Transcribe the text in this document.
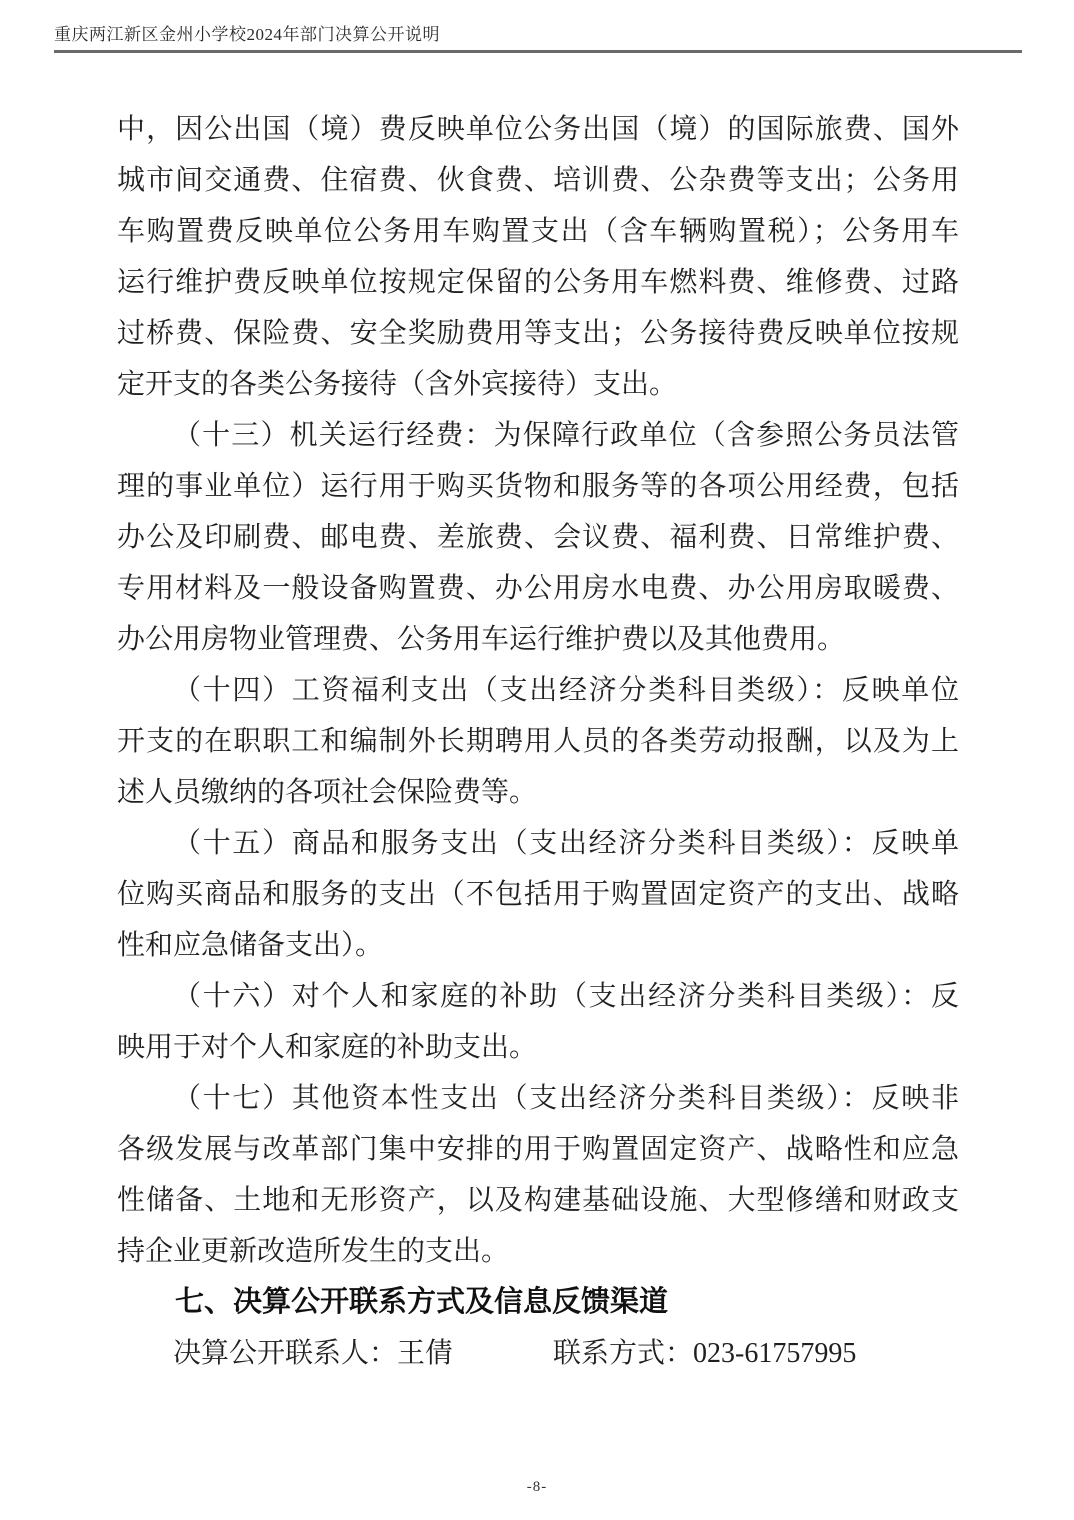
重庆两江新区金州小学校2024年部门决算公开说明
中，因公出国（境）费反映单位公务出国（境）的国际旅费、国外
城市间交通费、住宿费、伙食费、培训费、公杂费等支出；公务用
车购置费反映单位公务用车购置支出（含车辆购置税）；公务用车
运行维护费反映单位按规定保留的公务用车燃料费、维修费、过路
过桥费、保险费、安全奖励费用等支出；公务接待费反映单位按规
定开支的各类公务接待（含外宾接待）支出。
（十三）机关运行经费：为保障行政单位（含参照公务员法管
理的事业单位）运行用于购买货物和服务等的各项公用经费，包括
办公及印刷费、邮电费、差旅费、会议费、福利费、日常维护费、
专用材料及一般设备购置费、办公用房水电费、办公用房取暖费、
办公用房物业管理费、公务用车运行维护费以及其他费用。
（十四）工资福利支出（支出经济分类科目类级）：反映单位
开支的在职职工和编制外长期聘用人员的各类劳动报酬，以及为上
述人员缴纳的各项社会保险费等。
（十五）商品和服务支出（支出经济分类科目类级）：反映单
位购买商品和服务的支出（不包括用于购置固定资产的支出、战略
性和应急储备支出）。
（十六）对个人和家庭的补助（支出经济分类科目类级）：反
映用于对个人和家庭的补助支出。
（十七）其他资本性支出（支出经济分类科目类级）：反映非
各级发展与改革部门集中安排的用于购置固定资产、战略性和应急
性储备、土地和无形资产，以及构建基础设施、大型修缮和财政支
持企业更新改造所发生的支出。
七、决算公开联系方式及信息反馈渠道
决算公开联系人：王倩	联系方式：023-61757995
-8-
